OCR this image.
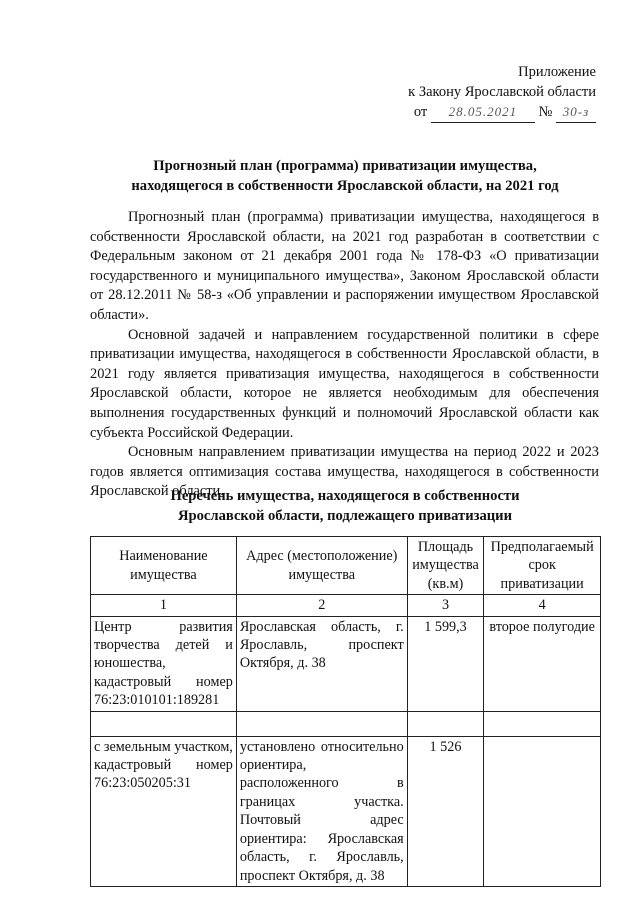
Приложение
к Закону Ярославской области
от 28.05.2021 № 30-з
Прогнозный план (программа) приватизации имущества,
находящегося в собственности Ярославской области, на 2021 год

Прогнозный план (программа) приватизации имущества, находящегося в собственности Ярославской области, на 2021 год разработан в соответствии с Федеральным законом от 21 декабря 2001 года № 178-ФЗ «О приватизации государственного и муниципального имущества», Законом Ярославской области от 28.12.2011 № 58-з «Об управлении и распоряжении имуществом Ярославской области».

Основной задачей и направлением государственной политики в сфере приватизации имущества, находящегося в собственности Ярославской области, в 2021 году является приватизация имущества, находящегося в собственности Ярославской области, которое не является необходимым для обеспечения выполнения государственных функций и полномочий Ярославской области как субъекта Российской Федерации.

Основным направлением приватизации имущества на период 2022 и 2023 годов является оптимизация состава имущества, находящегося в собственности Ярославской области.

Перечень имущества, находящегося в собственности
Ярославской области, подлежащего приватизации
Наименование имущества	Адрес (местоположение) имущества	Площадь имущества (кв.м)	Предполагаемый срок приватизации
1	2	3	4
Центр развития творчества детей и юношества, кадастровый номер 76:23:010101:189281	Ярославская область, г. Ярославль, проспект Октября, д. 38	1 599,3	второе полугодие

с земельным участком, кадастровый номер 76:23:050205:31	установлено относительно ориентира, расположенного в границах участка. Почтовый адрес ориентира: Ярославская область, г. Ярославль, проспект Октября, д. 38	1 526	
